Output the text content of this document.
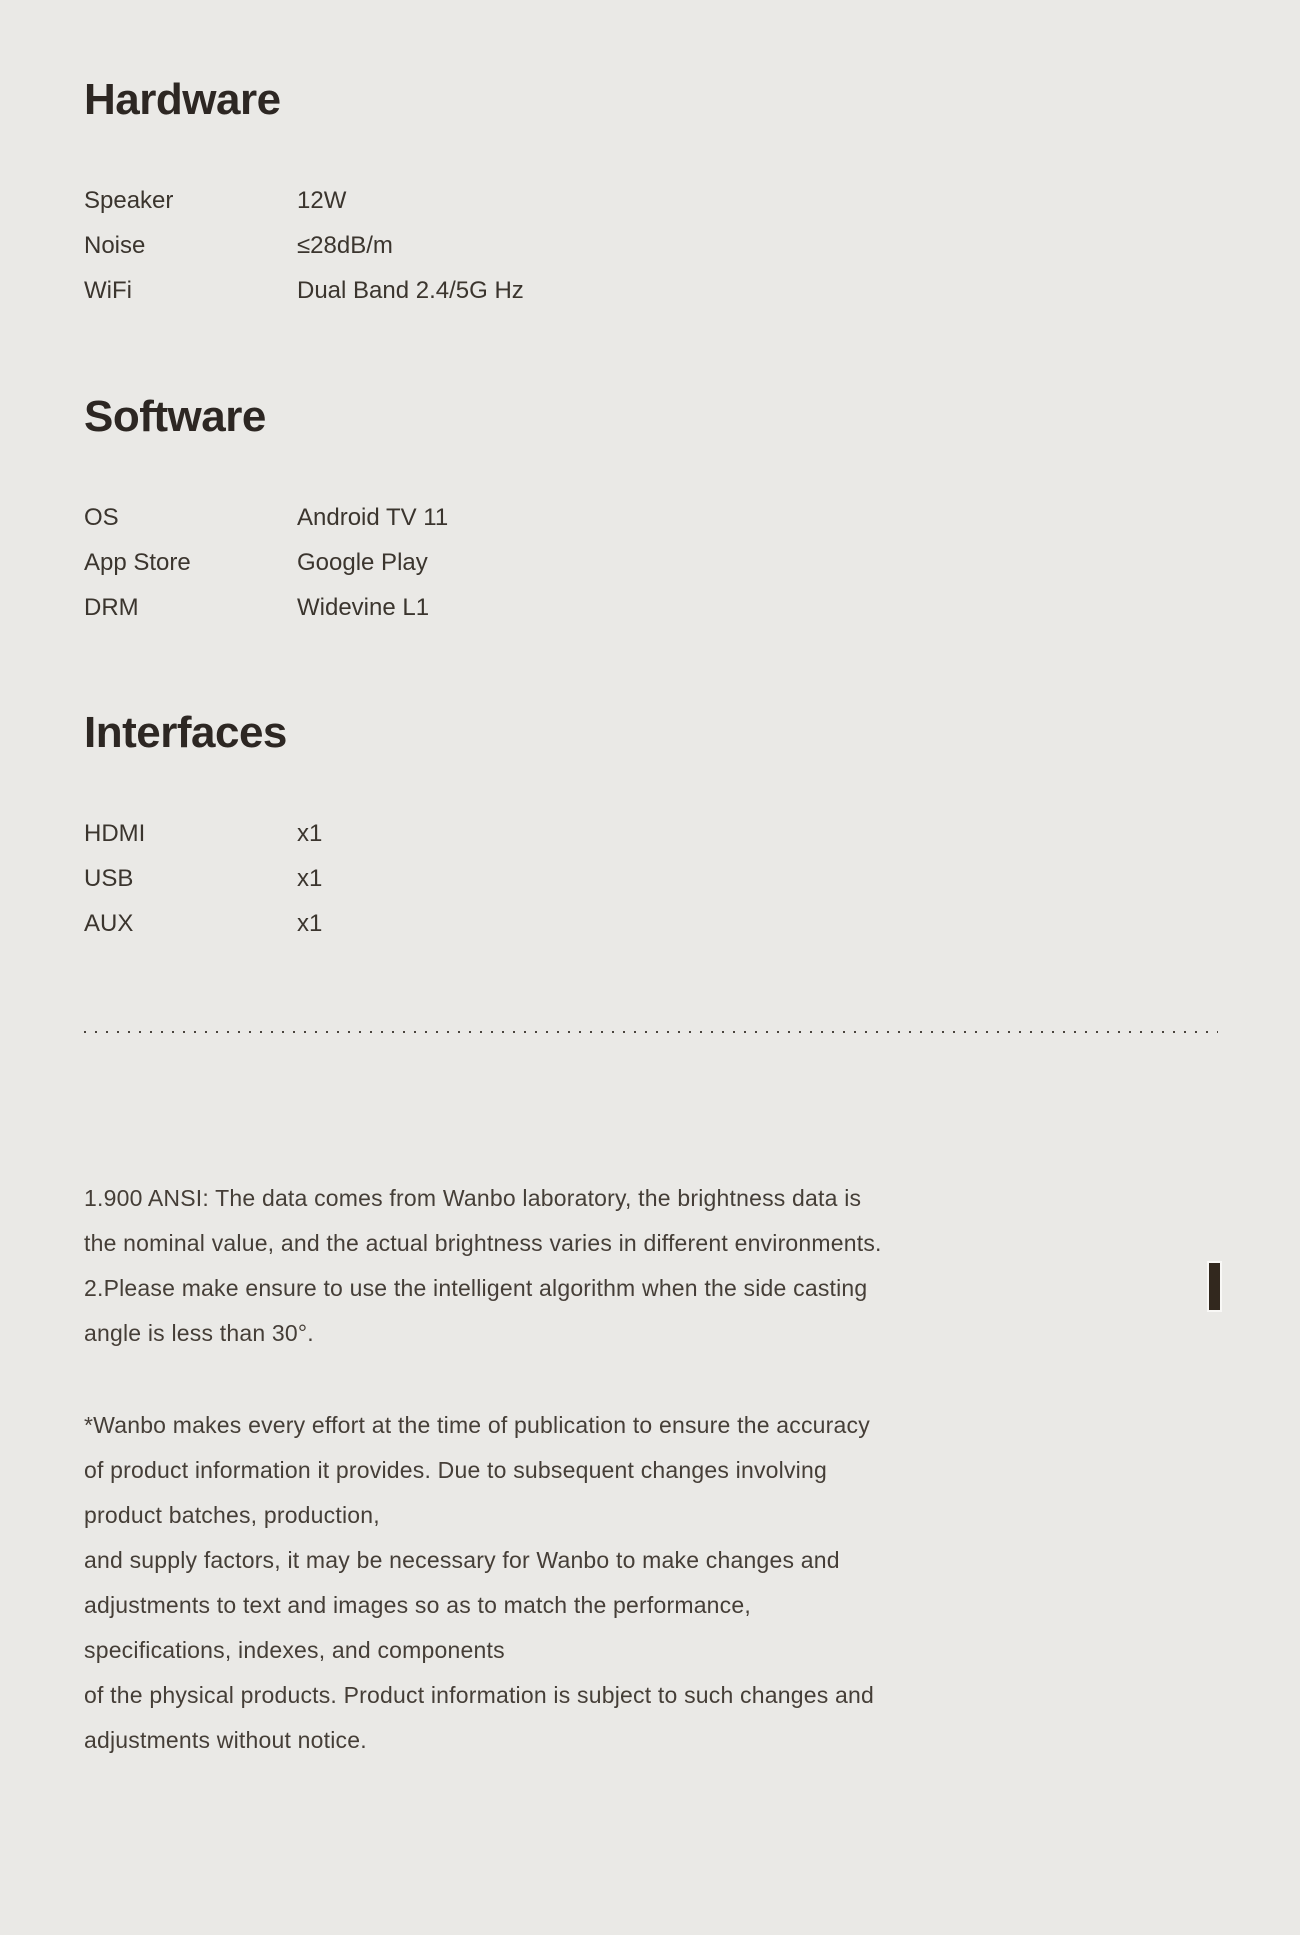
Hardware
Speaker	12W
Noise	≤28dB/m
WiFi	Dual Band 2.4/5G Hz
Software
OS	Android TV 11
App Store	Google Play
DRM	Widevine L1
Interfaces
HDMI	x1
USB	x1
AUX	x1
1.900 ANSI: The data comes from Wanbo laboratory, the brightness data is
the nominal value, and the actual brightness varies in different environments.
2.Please make ensure to use the intelligent algorithm when the side casting
angle is less than 30°.
*Wanbo makes every effort at the time of publication to ensure the accuracy
of product information it provides. Due to subsequent changes involving
product batches, production,
and supply factors, it may be necessary for Wanbo to make changes and
adjustments to text and images so as to match the performance,
specifications, indexes, and components
of the physical products. Product information is subject to such changes and
adjustments without notice.
